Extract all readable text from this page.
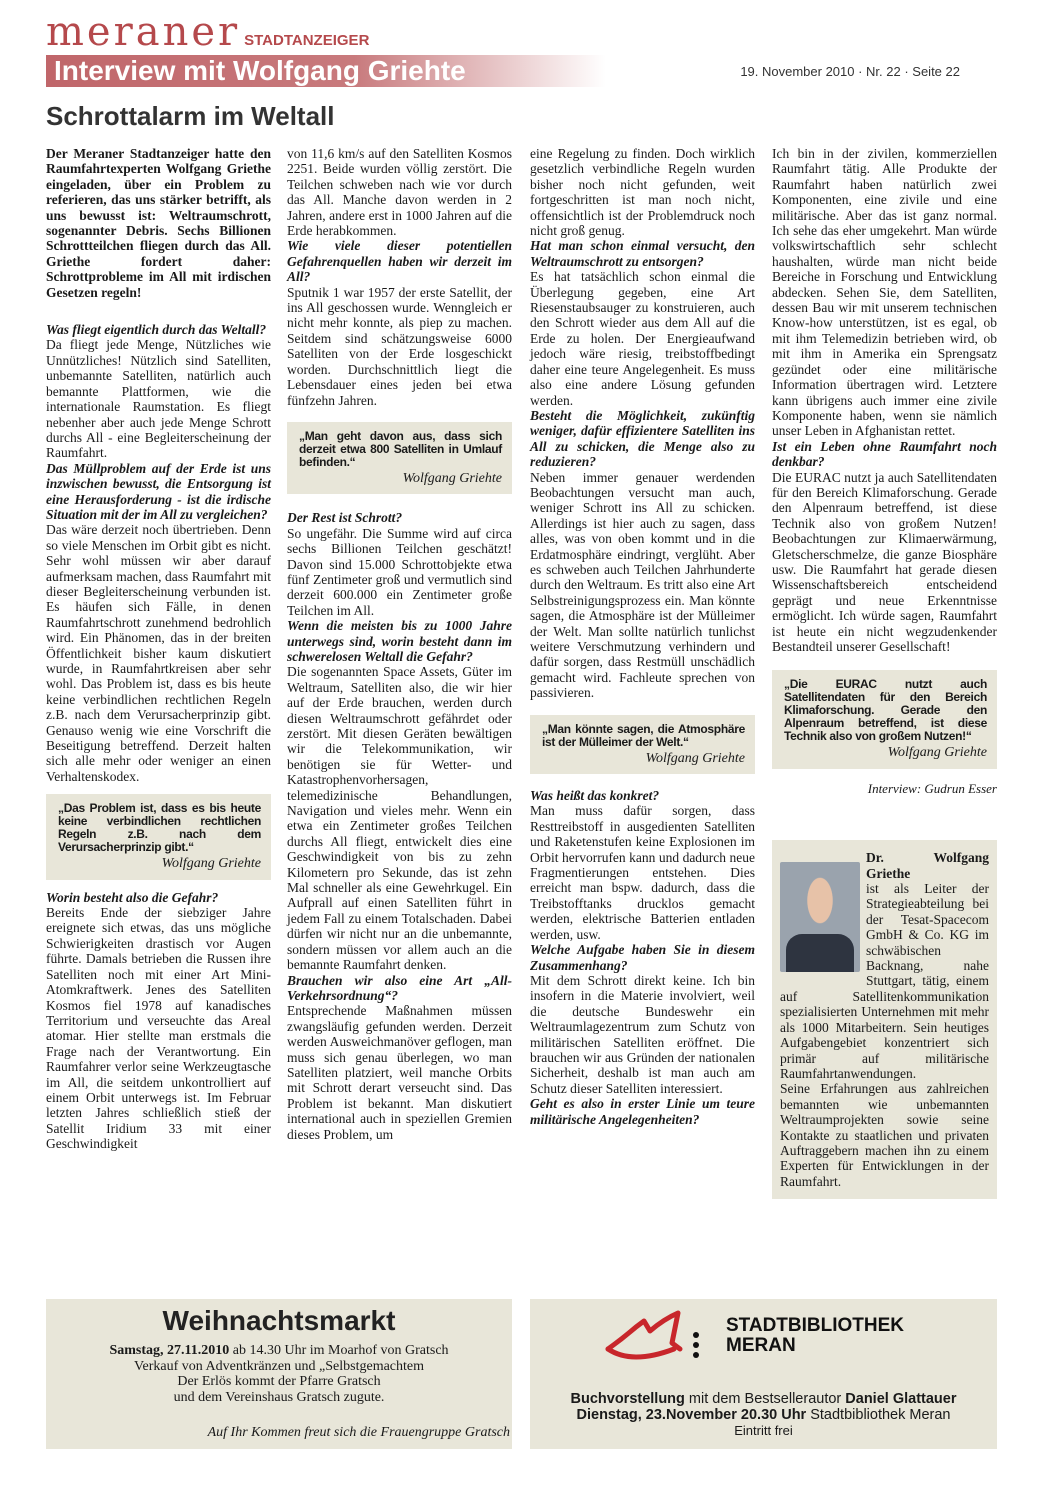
meraner STADTANZEIGER
Interview mit Wolfgang Griehte	19. November 2010 · Nr. 22 · Seite 22
Schrottalarm im Weltall

Der Meraner Stadtanzeiger hatte den Raumfahrtexperten Wolfgang Griethe eingeladen, über ein Problem zu referieren, das uns stärker betrifft, als uns bewusst ist: Weltraumschrott, sogenannter Debris. Sechs Billionen Schrottteilchen fliegen durch das All. Griethe fordert daher: Schrottprobleme im All mit irdischen Gesetzen regeln!

Was fliegt eigentlich durch das Weltall?

Da fliegt jede Menge, Nützliches wie Unnützliches! Nützlich sind Satelliten, unbemannte Satelliten, natürlich auch bemannte Plattformen, wie die internationale Raumstation. Es fliegt nebenher aber auch jede Menge Schrott durchs All - eine Begleiterscheinung der Raumfahrt.

Das Müllproblem auf der Erde ist uns inzwischen bewusst, die Entsorgung ist eine Herausforderung - ist die irdische Situation mit der im All zu vergleichen?

Das wäre derzeit noch übertrieben. Denn so viele Menschen im Orbit gibt es nicht. Sehr wohl müssen wir aber darauf aufmerksam machen, dass Raumfahrt mit dieser Begleiterscheinung verbunden ist. Es häufen sich Fälle, in denen Raumfahrtschrott zunehmend bedrohlich wird. Ein Phänomen, das in der breiten Öffentlichkeit bisher kaum diskutiert wurde, in Raumfahrtkreisen aber sehr wohl. Das Problem ist, dass es bis heute keine verbindlichen rechtlichen Regeln z.B. nach dem Verursacherprinzip gibt. Genauso wenig wie eine Vorschrift die Beseitigung betreffend. Derzeit halten sich alle mehr oder weniger an einen Verhaltenskodex.

„Das Problem ist, dass es bis heute keine verbindlichen rechtlichen Regeln z.B. nach dem Verursacherprinzip gibt.“
Wolfgang Griehte

Worin besteht also die Gefahr?

Bereits Ende der siebziger Jahre ereignete sich etwas, das uns mögliche Schwierigkeiten drastisch vor Augen führte. Damals betrieben die Russen ihre Satelliten noch mit einer Art Mini-Atomkraftwerk. Jenes des Satelliten Kosmos fiel 1978 auf kanadisches Territorium und verseuchte das Areal atomar. Hier stellte man erstmals die Frage nach der Verantwortung. Ein Raumfahrer verlor seine Werkzeugtasche im All, die seitdem unkontrolliert auf einem Orbit unterwegs ist. Im Februar letzten Jahres schließlich stieß der Satellit Iridium 33 mit einer Geschwindigkeit

von 11,6 km/s auf den Satelliten Kosmos 2251. Beide wurden völlig zerstört. Die Teilchen schweben nach wie vor durch das All. Manche davon werden in 2 Jahren, andere erst in 1000 Jahren auf die Erde herabkommen.

Wie viele dieser potentiellen Gefahrenquellen haben wir derzeit im All?

Sputnik 1 war 1957 der erste Satellit, der ins All geschossen wurde. Wenngleich er nicht mehr konnte, als piep zu machen. Seitdem sind schätzungsweise 6000 Satelliten von der Erde losgeschickt worden. Durchschnittlich liegt die Lebensdauer eines jeden bei etwa fünfzehn Jahren.

„Man geht davon aus, dass sich derzeit etwa 800 Satelliten in Umlauf befinden.“
Wolfgang Griehte

Der Rest ist Schrott?

So ungefähr. Die Summe wird auf circa sechs Billionen Teilchen geschätzt! Davon sind 15.000 Schrottobjekte etwa fünf Zentimeter groß und vermutlich sind derzeit 600.000 ein Zentimeter große Teilchen im All.

Wenn die meisten bis zu 1000 Jahre unterwegs sind, worin besteht dann im schwerelosen Weltall die Gefahr?

Die sogenannten Space Assets, Güter im Weltraum, Satelliten also, die wir hier auf der Erde brauchen, werden durch diesen Weltraumschrott gefährdet oder zerstört. Mit diesen Geräten bewältigen wir die Telekommunikation, wir benötigen sie für Wetter- und Katastrophenvorhersagen, telemedizinische Behandlungen, Navigation und vieles mehr. Wenn ein etwa ein Zentimeter großes Teilchen durchs All fliegt, entwickelt dies eine Geschwindigkeit von bis zu zehn Kilometern pro Sekunde, das ist zehn Mal schneller als eine Gewehrkugel. Ein Aufprall auf einen Satelliten führt in jedem Fall zu einem Totalschaden. Dabei dürfen wir nicht nur an die unbemannte, sondern müssen vor allem auch an die bemannte Raumfahrt denken.

Brauchen wir also eine Art „All-Verkehrsordnung“?

Entsprechende Maßnahmen müssen zwangsläufig gefunden werden. Derzeit werden Ausweichmanöver geflogen, man muss sich genau überlegen, wo man Satelliten platziert, weil manche Orbits mit Schrott derart verseucht sind. Das Problem ist bekannt. Man diskutiert international auch in speziellen Gremien dieses Problem, um

eine Regelung zu finden. Doch wirklich gesetzlich verbindliche Regeln wurden bisher noch nicht gefunden, weit fortgeschritten ist man noch nicht, offensichtlich ist der Problemdruck noch nicht groß genug.

Hat man schon einmal versucht, den Weltraumschrott zu entsorgen?

Es hat tatsächlich schon einmal die Überlegung gegeben, eine Art Riesenstaubsauger zu konstruieren, auch den Schrott wieder aus dem All auf die Erde zu holen. Der Energieaufwand jedoch wäre riesig, treibstoffbedingt daher eine teure Angelegenheit. Es muss also eine andere Lösung gefunden werden.

Besteht die Möglichkeit, zukünftig weniger, dafür effizientere Satelliten ins All zu schicken, die Menge also zu reduzieren?

Neben immer genauer werdenden Beobachtungen versucht man auch, weniger Schrott ins All zu schicken. Allerdings ist hier auch zu sagen, dass alles, was von oben kommt und in die Erdatmosphäre eindringt, verglüht. Aber es schweben auch Teilchen Jahrhunderte durch den Weltraum. Es tritt also eine Art Selbstreinigungsprozess ein. Man könnte sagen, die Atmosphäre ist der Mülleimer der Welt. Man sollte natürlich tunlichst weitere Verschmutzung verhindern und dafür sorgen, dass Restmüll unschädlich gemacht wird. Fachleute sprechen von passivieren.

„Man könnte sagen, die Atmosphäre ist der Mülleimer der Welt.“
Wolfgang Griehte

Was heißt das konkret?

Man muss dafür sorgen, dass Resttreibstoff in ausgedienten Satelliten und Raketenstufen keine Explosionen im Orbit hervorrufen kann und dadurch neue Fragmentierungen entstehen. Dies erreicht man bspw. dadurch, dass die Treibstofftanks drucklos gemacht werden, elektrische Batterien entladen werden, usw.

Welche Aufgabe haben Sie in diesem Zusammenhang?

Mit dem Schrott direkt keine. Ich bin insofern in die Materie involviert, weil die deutsche Bundeswehr ein Weltraumlagezentrum zum Schutz von militärischen Satelliten eröffnet. Die brauchen wir aus Gründen der nationalen Sicherheit, deshalb ist man auch am Schutz dieser Satelliten interessiert.

Geht es also in erster Linie um teure militärische Angelegenheiten?

Ich bin in der zivilen, kommerziellen Raumfahrt tätig. Alle Produkte der Raumfahrt haben natürlich zwei Komponenten, eine zivile und eine militärische. Aber das ist ganz normal. Ich sehe das eher umgekehrt. Man würde volkswirtschaftlich sehr schlecht haushalten, würde man nicht beide Bereiche in Forschung und Entwicklung abdecken. Sehen Sie, dem Satelliten, dessen Bau wir mit unserem technischen Know-how unterstützen, ist es egal, ob mit ihm Telemedizin betrieben wird, ob mit ihm in Amerika ein Sprengsatz gezündet oder eine militärische Information übertragen wird. Letztere kann übrigens auch immer eine zivile Komponente haben, wenn sie nämlich unser Leben in Afghanistan rettet.

Ist ein Leben ohne Raumfahrt noch denkbar?

Die EURAC nutzt ja auch Satellitendaten für den Bereich Klimaforschung. Gerade den Alpenraum betreffend, ist diese Technik also von großem Nutzen! Beobachtungen zur Klimaerwärmung, Gletscherschmelze, die ganze Biosphäre usw. Die Raumfahrt hat gerade diesen Wissenschaftsbereich entscheidend geprägt und neue Erkenntnisse ermöglicht. Ich würde sagen, Raumfahrt ist heute ein nicht wegzudenkender Bestandteil unserer Gesellschaft!

„Die EURAC nutzt auch Satellitendaten für den Bereich Klimaforschung. Gerade den Alpenraum betreffend, ist diese Technik also von großem Nutzen!“
Wolfgang Griehte
Interview: Gudrun Esser

Dr. Wolfgang Griethe
ist als Leiter der Strategieabteilung bei der Tesat-Spacecom GmbH & Co. KG im schwäbischen Backnang, nahe Stuttgart, tätig, einem auf Satellitenkommunikation spezialisierten Unternehmen mit mehr als 1000 Mitarbeitern. Sein heutiges Aufgabengebiet konzentriert sich primär auf militärische Raumfahrtanwendungen.

Seine Erfahrungen aus zahlreichen bemannten wie unbemannten Weltraumprojekten sowie seine Kontakte zu staatlichen und privaten Auftraggebern machen ihn zu einem Experten für Entwicklungen in der Raumfahrt.

Weihnachtsmarkt
Samstag, 27.11.2010 ab 14.30 Uhr im Moarhof von Gratsch
Verkauf von Adventkränzen und „Selbstgemachtem
Der Erlös kommt der Pfarre Gratsch
und dem Vereinshaus Gratsch zugute.
Auf Ihr Kommen freut sich die Frauengruppe Gratsch
STADTBIBLIOTHEK
MERAN
Buchvorstellung mit dem Bestsellerautor Daniel Glattauer
Dienstag, 23.November 20.30 Uhr Stadtbibliothek Meran
Eintritt frei
